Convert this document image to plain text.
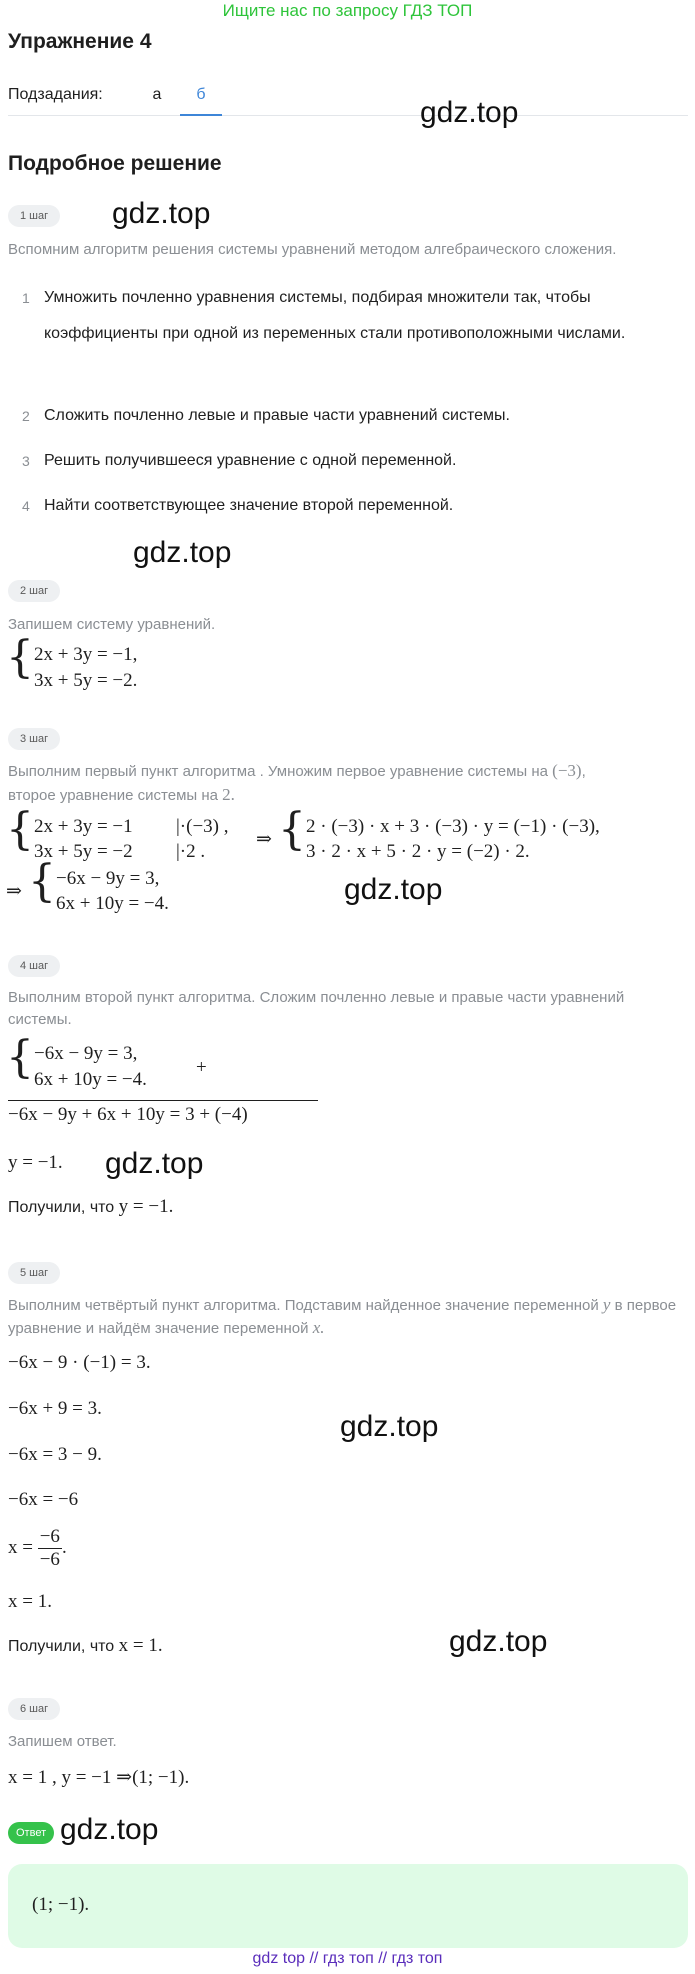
Ищите нас по запросу ГДЗ ТОП
Упражнение 4
Подзадания:	а	б
gdz.top
Подробное решение
1 шаг	gdz.top
Вспомним алгоритм решения системы уравнений методом алгебраического сложения.
1 Умножить почленно уравнения системы, подбирая множители так, чтобы коэффициенты при одной из переменных стали противоположными числами.
2 Сложить почленно левые и правые части уравнений системы.
3 Решить получившееся уравнение с одной переменной.
4 Найти соответствующее значение второй переменной.
gdz.top
2 шаг
Запишем систему уравнений.
{ 2x + 3y = −1,
3x + 5y = −2.
3 шаг
Выполним первый пункт алгоритма . Умножим первое уравнение системы на (−3),
второе уравнение системы на 2.
{ 2x + 3y = −1 |·(−3) ,
3x + 5y = −2 |·2 .
⇒ { 2 · (−3) · x + 3 · (−3) · y = (−1) · (−3),
3 · 2 · x + 5 · 2 · y = (−2) · 2.
⇒ { −6x − 9y = 3,
6x + 10y = −4.	gdz.top
4 шаг
Выполним второй пункт алгоритма. Сложим почленно левые и правые части уравнений системы.
{ −6x − 9y = 3,
6x + 10y = −4.
+
−6x − 9y + 6x + 10y = 3 + (−4)
y = −1. gdz.top
Получили, что y = −1.
5 шаг
Выполним четвёртый пункт алгоритма. Подставим найденное значение переменной y в первое уравнение и найдём значение переменной x.
−6x − 9 · (−1) = 3.
−6x + 9 = 3.
−6x = 3 − 9.
gdz.top
−6x = −6
$x = \frac{-6}{-6}$ .
x = 1.
Получили, что x = 1.	gdz.top
6 шаг
Запишем ответ.
x = 1 , y = −1 ⇒(1; −1).
Ответ gdz.top
(1; −1).
gdz top // гдз топ // гдз топ
